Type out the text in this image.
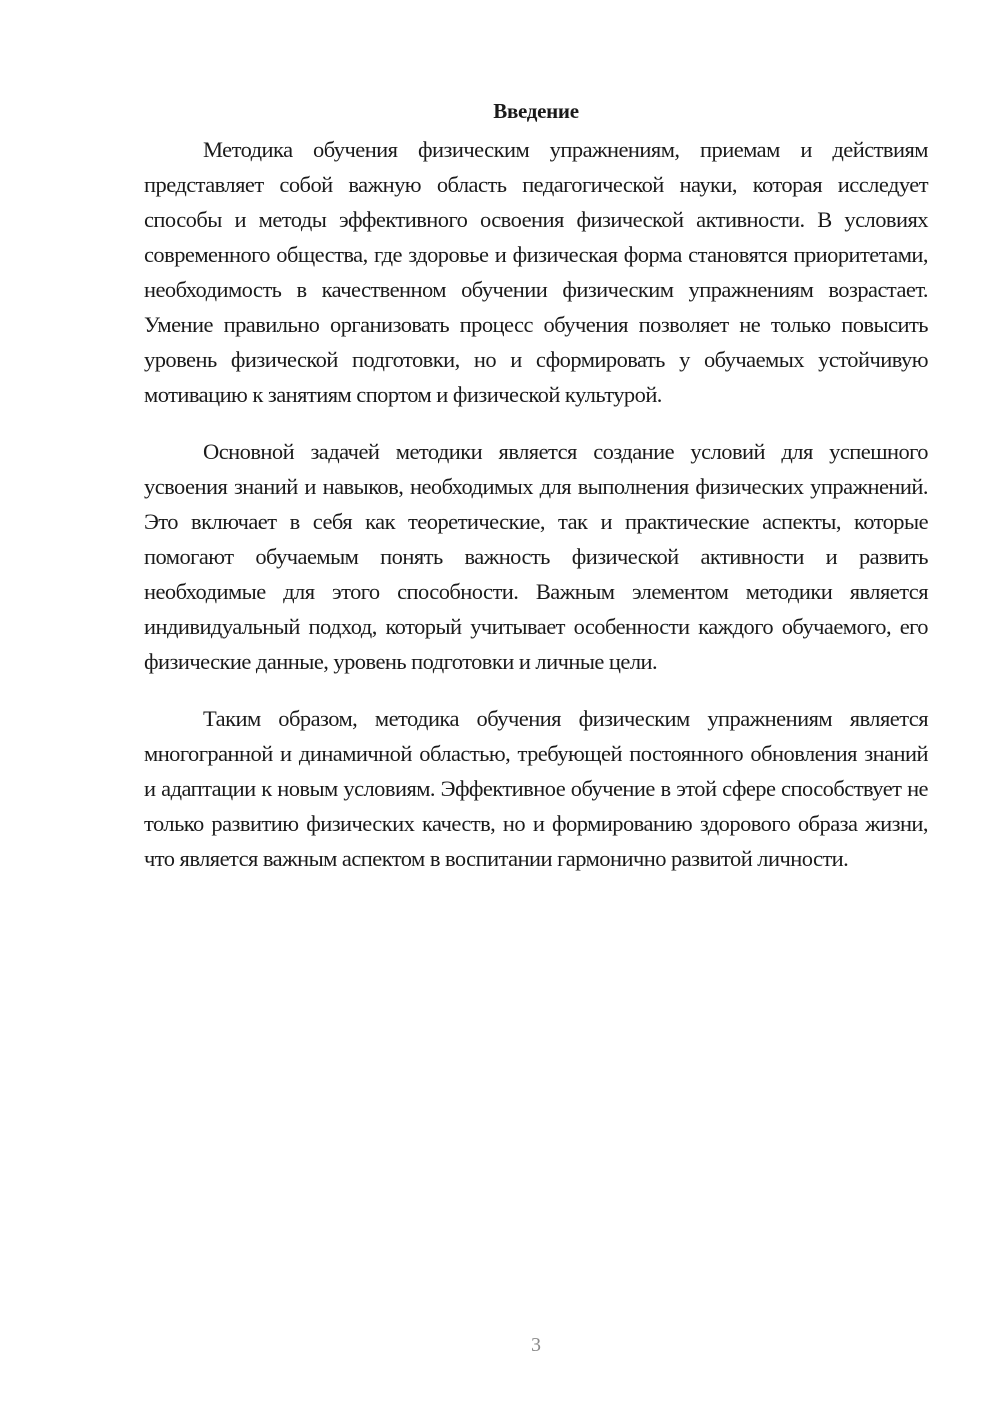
Введение

Методика обучения физическим упражнениям, приемам и действиям представляет собой важную область педагогической науки, которая исследует способы и методы эффективного освоения физической активности. В условиях современного общества, где здоровье и физическая форма становятся приоритетами, необходимость в качественном обучении физическим упражнениям возрастает. Умение правильно организовать процесс обучения позволяет не только повысить уровень физической подготовки, но и сформировать у обучаемых устойчивую мотивацию к занятиям спортом и физической культурой.

Основной задачей методики является создание условий для успешного усвоения знаний и навыков, необходимых для выполнения физических упражнений. Это включает в себя как теоретические, так и практические аспекты, которые помогают обучаемым понять важность физической активности и развить необходимые для этого способности. Важным элементом методики является индивидуальный подход, который учитывает особенности каждого обучаемого, его физические данные, уровень подготовки и личные цели.

Таким образом, методика обучения физическим упражнениям является многогранной и динамичной областью, требующей постоянного обновления знаний и адаптации к новым условиям. Эффективное обучение в этой сфере способствует не только развитию физических качеств, но и формированию здорового образа жизни, что является важным аспектом в воспитании гармонично развитой личности.

3
